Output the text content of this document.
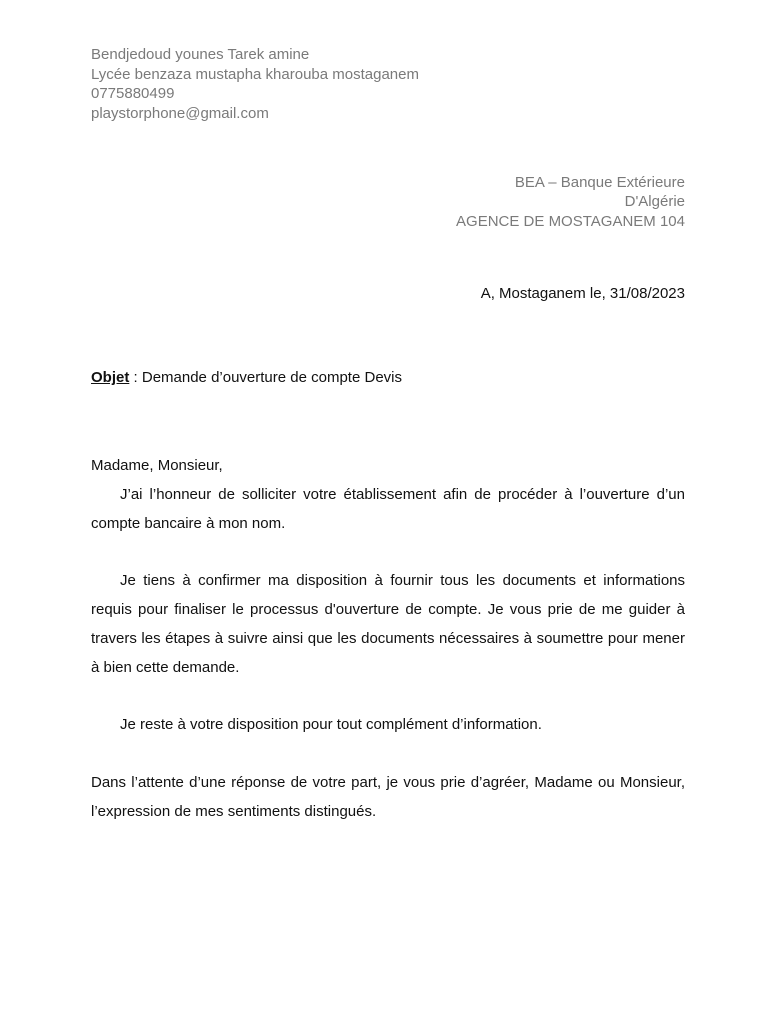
Bendjedoud younes Tarek amine
Lycée benzaza mustapha kharouba mostaganem
0775880499
playstorphone@gmail.com
BEA – Banque Extérieure
D'Algérie
AGENCE DE MOSTAGANEM 104
A, Mostaganem le, 31/08/2023
Objet : Demande d’ouverture de compte Devis
Madame, Monsieur,
J’ai l’honneur de solliciter votre établissement afin de procéder à l’ouverture d’un compte bancaire à mon nom.
Je tiens à confirmer ma disposition à fournir tous les documents et informations requis pour finaliser le processus d'ouverture de compte. Je vous prie de me guider à travers les étapes à suivre ainsi que les documents nécessaires à soumettre pour mener à bien cette demande.
Je reste à votre disposition pour tout complément d’information.
Dans l’attente d’une réponse de votre part, je vous prie d’agréer, Madame ou Monsieur, l’expression de mes sentiments distingués.
